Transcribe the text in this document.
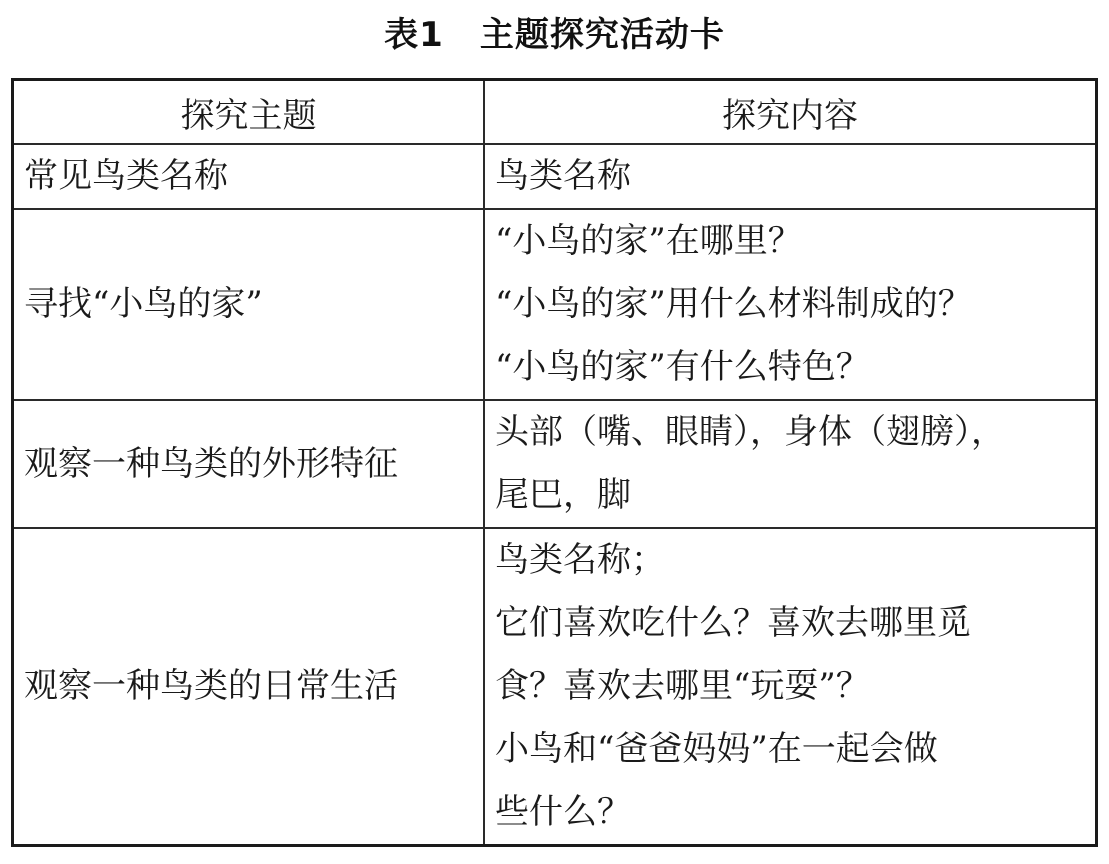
表1 主题探究活动卡
探究主题	探究内容

常见鸟类名称	鸟类名称

寻找“小鸟的家”	“小鸟的家”在哪里？
“小鸟的家”用什么材料制成的？
“小鸟的家”有什么特色？

观察一种鸟类的外形特征	头部（嘴、眼睛），身体（翅膀），
尾巴，脚

观察一种鸟类的日常生活	鸟类名称；
它们喜欢吃什么？喜欢去哪里觅
食？喜欢去哪里“玩耍”？
小鸟和“爸爸妈妈”在一起会做
些什么？
